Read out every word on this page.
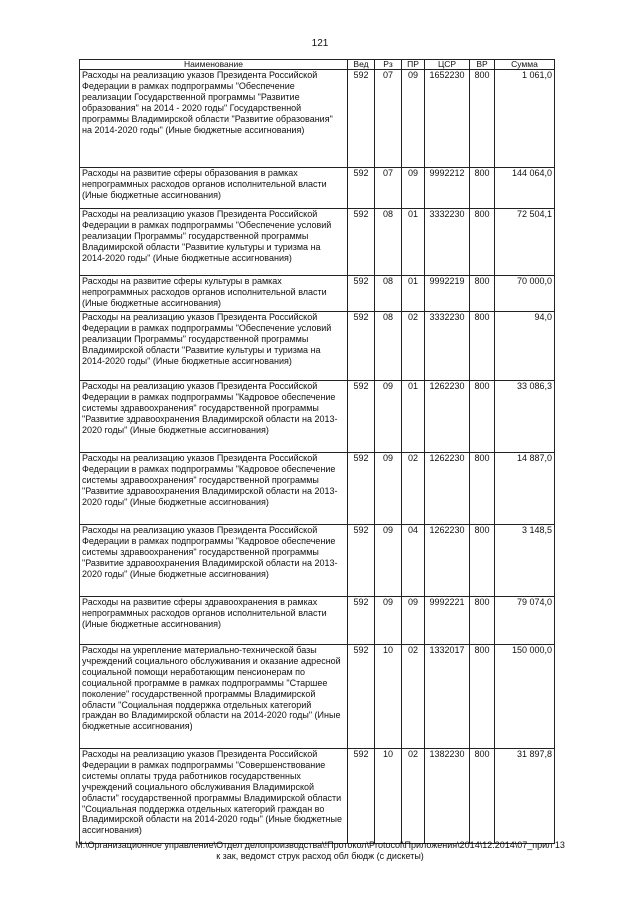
121
Наименование	Вед	Рз	ПР	ЦСР	ВР	Сумма
Расходы на реализацию указов Президента Российской Федерации в рамках подпрограммы "Обеспечение реализации Государственной программы "Развитие образования" на 2014 - 2020 годы" Государственной программы Владимирской области "Развитие образования" на 2014-2020 годы" (Иные бюджетные ассигнования)	592	07	09	1652230	800	1 061,0
Расходы на развитие сферы образования в рамках непрограммных расходов органов исполнительной власти (Иные бюджетные ассигнования)	592	07	09	9992212	800	144 064,0
Расходы на реализацию указов Президента Российской Федерации в рамках подпрограммы "Обеспечение условий реализации Программы" государственной программы Владимирской области "Развитие культуры и туризма на 2014-2020 годы" (Иные бюджетные ассигнования)	592	08	01	3332230	800	72 504,1
Расходы на развитие сферы культуры в рамках непрограммных расходов органов исполнительной власти (Иные бюджетные ассигнования)	592	08	01	9992219	800	70 000,0
Расходы на реализацию указов Президента Российской Федерации в рамках подпрограммы "Обеспечение условий реализации Программы" государственной программы Владимирской области "Развитие культуры и туризма на 2014-2020 годы" (Иные бюджетные ассигнования)	592	08	02	3332230	800	94,0
Расходы на реализацию указов Президента Российской Федерации в рамках подпрограммы "Кадровое обеспечение системы здравоохранения" государственной программы "Развитие здравоохранения Владимирской области на 2013-2020 годы" (Иные бюджетные ассигнования)	592	09	01	1262230	800	33 086,3
Расходы на реализацию указов Президента Российской Федерации в рамках подпрограммы "Кадровое обеспечение системы здравоохранения" государственной программы "Развитие здравоохранения Владимирской области на 2013-2020 годы" (Иные бюджетные ассигнования)	592	09	02	1262230	800	14 887,0
Расходы на реализацию указов Президента Российской Федерации в рамках подпрограммы "Кадровое обеспечение системы здравоохранения" государственной программы "Развитие здравоохранения Владимирской области на 2013-2020 годы" (Иные бюджетные ассигнования)	592	09	04	1262230	800	3 148,5
Расходы на развитие сферы здравоохранения в рамках непрограммных расходов органов исполнительной власти (Иные бюджетные ассигнования)	592	09	09	9992221	800	79 074,0
Расходы на укрепление материально-технической базы учреждений социального обслуживания и оказание адресной социальной помощи неработающим пенсионерам по социальной программе в рамках подпрограммы "Старшее поколение" государственной программы Владимирской области "Социальная поддержка отдельных категорий граждан во Владимирской области на 2014-2020 годы" (Иные бюджетные ассигнования)	592	10	02	1332017	800	150 000,0
Расходы на реализацию указов Президента Российской Федерации в рамках подпрограммы "Совершенствование системы оплаты труда работников государственных учреждений социального обслуживания Владимирской области" государственной программы Владимирской области "Социальная поддержка отдельных категорий граждан во Владимирской области на 2014-2020 годы" (Иные бюджетные ассигнования)	592	10	02	1382230	800	31 897,8
M:\Организационное управление\Отдел делопроизводства\!Протокол\Protocol\Приложения\2014\12.2014\07_прил 13
к зак, ведомст струк расход обл бюдж (с дискеты)
